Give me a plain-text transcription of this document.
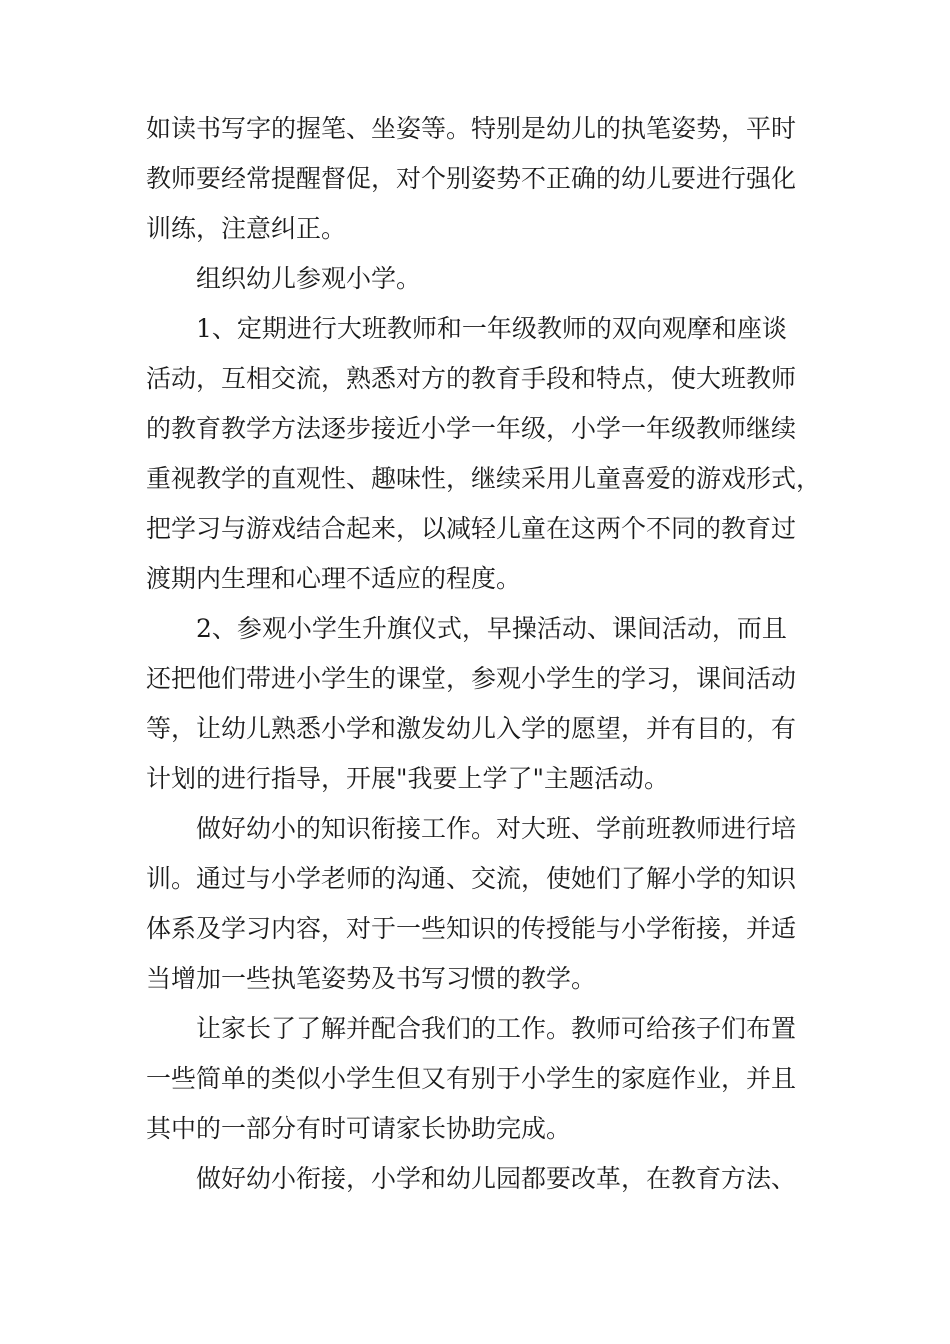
如读书写字的握笔、坐姿等。特别是幼儿的执笔姿势，平时
教师要经常提醒督促，对个别姿势不正确的幼儿要进行强化
训练，注意纠正。
组织幼儿参观小学。
1、定期进行大班教师和一年级教师的双向观摩和座谈
活动，互相交流，熟悉对方的教育手段和特点，使大班教师
的教育教学方法逐步接近小学一年级，小学一年级教师继续
重视教学的直观性、趣味性，继续采用儿童喜爱的游戏形式，
把学习与游戏结合起来，以减轻儿童在这两个不同的教育过
渡期内生理和心理不适应的程度。
2、参观小学生升旗仪式，早操活动、课间活动，而且
还把他们带进小学生的课堂，参观小学生的学习，课间活动
等，让幼儿熟悉小学和激发幼儿入学的愿望，并有目的，有
计划的进行指导，开展"我要上学了"主题活动。
做好幼小的知识衔接工作。对大班、学前班教师进行培
训。通过与小学老师的沟通、交流，使她们了解小学的知识
体系及学习内容，对于一些知识的传授能与小学衔接，并适
当增加一些执笔姿势及书写习惯的教学。
让家长了了解并配合我们的工作。教师可给孩子们布置
一些简单的类似小学生但又有别于小学生的家庭作业，并且
其中的一部分有时可请家长协助完成。
做好幼小衔接，小学和幼儿园都要改革，在教育方法、
